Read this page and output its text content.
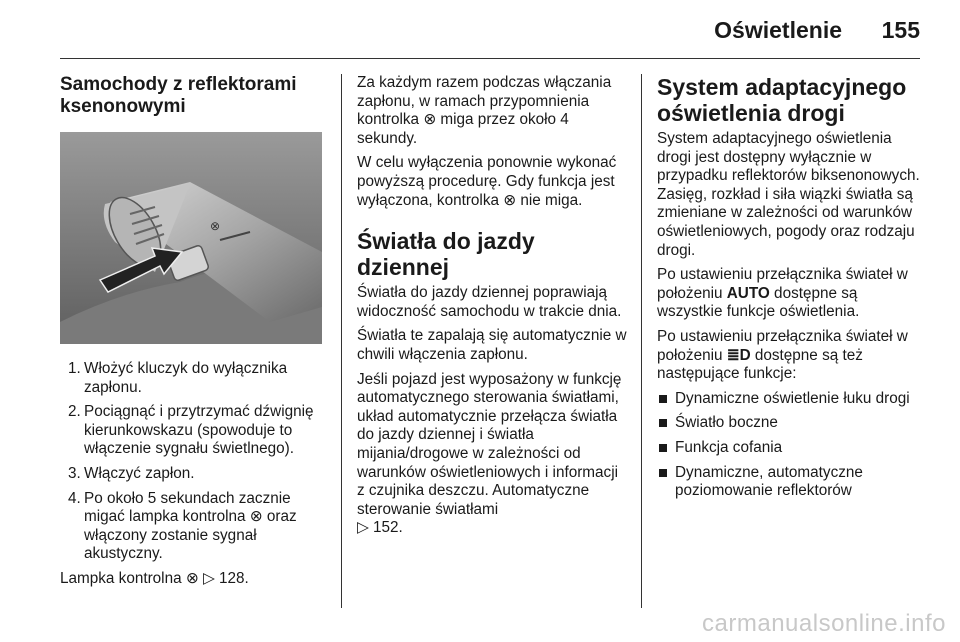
Oświetlenie 155
Samochody z reflektorami ksenonowymi
⊗
1. Włożyć kluczyk do wyłącznika zapłonu.
2. Pociągnąć i przytrzymać dźwignię kierunkowskazu (spowoduje to włączenie sygnału świetlnego).
3. Włączyć zapłon.
4. Po około 5 sekundach zacznie migać lampka kontrolna ⊗ oraz włączony zostanie sygnał akustyczny.

Lampka kontrolna ⊗ ▷ 128.

Za każdym razem podczas włączania zapłonu, w ramach przypomnienia kontrolka ⊗ miga przez około 4 sekundy.

W celu wyłączenia ponownie wykonać powyższą procedurę. Gdy funkcja jest wyłączona, kontrolka ⊗ nie miga.

Światła do jazdy dziennej

Światła do jazdy dziennej poprawiają widoczność samochodu w trakcie dnia.

Światła te zapalają się automatycznie w chwili włączenia zapłonu.

Jeśli pojazd jest wyposażony w funkcję automatycznego sterowania światłami, układ automatycznie przełącza światła do jazdy dziennej i światła mijania/drogowe w zależności od warunków oświetleniowych i informacji z czujnika deszczu. Automatyczne sterowanie światłami
▷ 152.

System adaptacyjnego oświetlenia drogi

System adaptacyjnego oświetlenia drogi jest dostępny wyłącznie w przypadku reflektorów biksenonowych. Zasięg, rozkład i siła wiązki światła są zmieniane w zależności od warunków oświetleniowych, pogody oraz rodzaju drogi.

Po ustawieniu przełącznika świateł w położeniu AUTO dostępne są wszystkie funkcje oświetlenia.

Po ustawieniu przełącznika świateł w położeniu ≣D dostępne są też następujące funkcje:

Dynamiczne oświetlenie łuku drogi
Światło boczne
Funkcja cofania
Dynamiczne, automatyczne poziomowanie reflektorów
carmanualsonline.info
